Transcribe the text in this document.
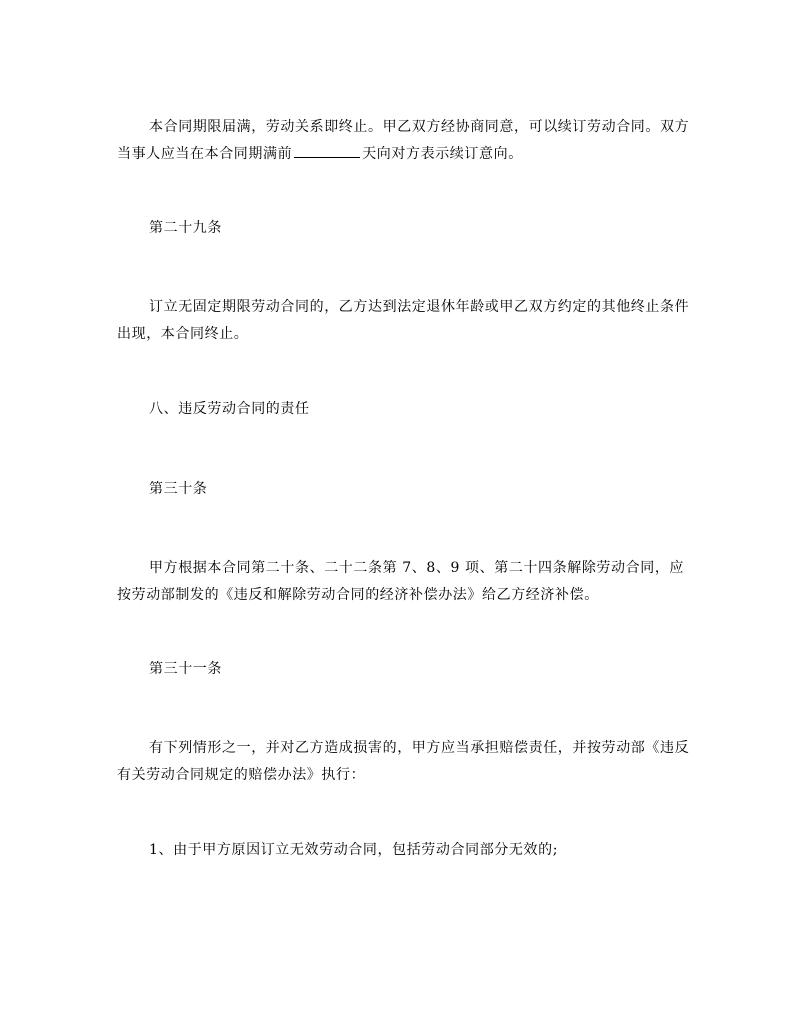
本合同期限届满，劳动关系即终止。甲乙双方经协商同意，可以续订劳动合同。双方当事人应当在本合同期满前	天向对方表示续订意向。

第二十九条

订立无固定期限劳动合同的，乙方达到法定退休年龄或甲乙双方约定的其他终止条件出现，本合同终止。

八、违反劳动合同的责任

第三十条

甲方根据本合同第二十条、二十二条第 7、8、9 项、第二十四条解除劳动合同，应按劳动部制发的《违反和解除劳动合同的经济补偿办法》给乙方经济补偿。

第三十一条

有下列情形之一，并对乙方造成损害的，甲方应当承担赔偿责任，并按劳动部《违反有关劳动合同规定的赔偿办法》执行：

1、由于甲方原因订立无效劳动合同，包括劳动合同部分无效的;
